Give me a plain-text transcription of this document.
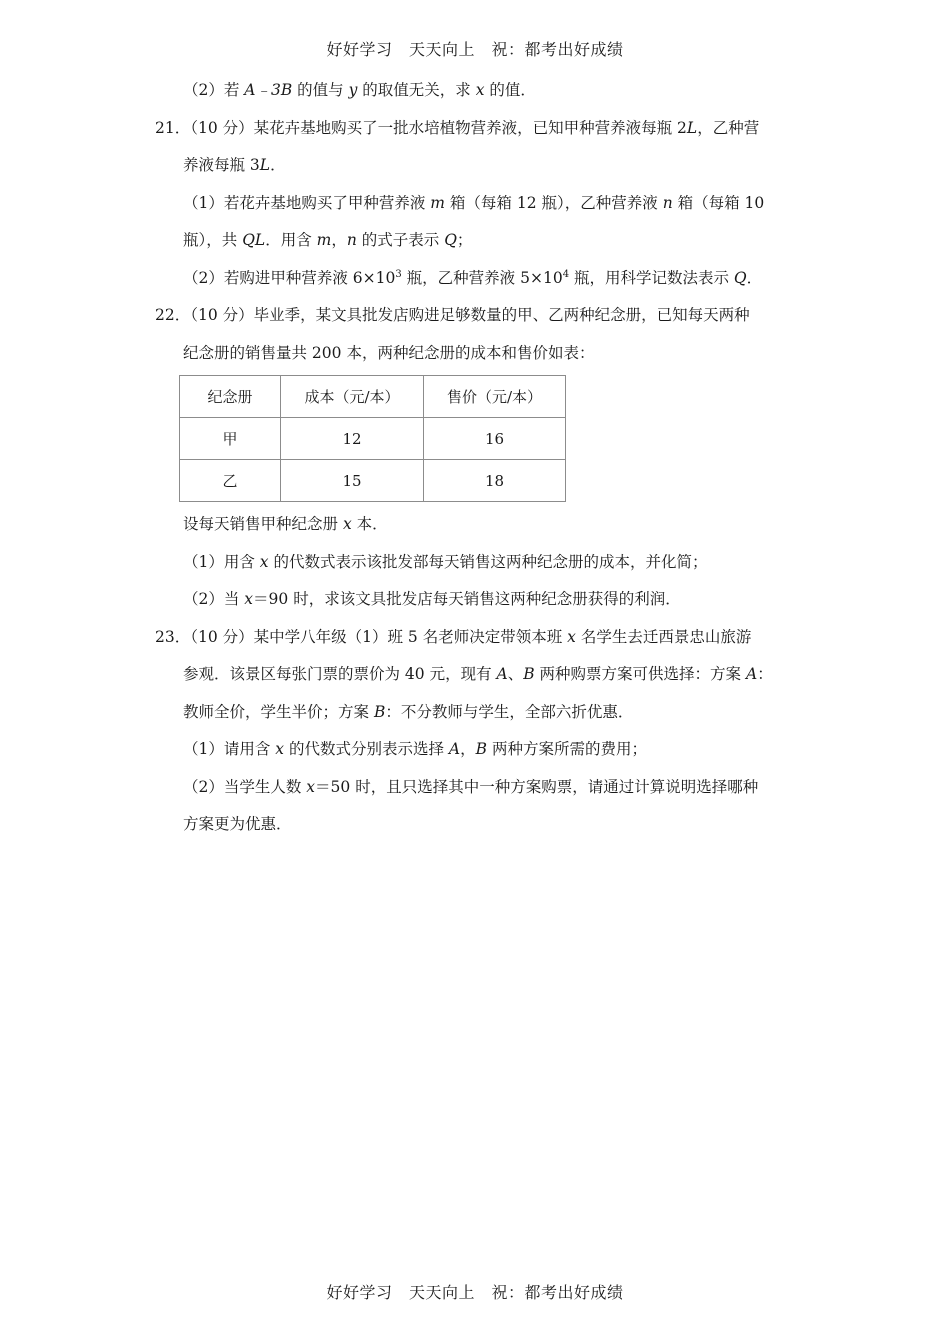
好好学习　天天向上　祝：都考出好成绩
（2）若 A﹣3B 的值与 y 的取值无关，求 x 的值．
21．（10 分）某花卉基地购买了一批水培植物营养液，已知甲种营养液每瓶 2L，乙种营
养液每瓶 3L．
（1）若花卉基地购买了甲种营养液 m 箱（每箱 12 瓶），乙种营养液 n 箱（每箱 10
瓶），共 QL．用含 m，n 的式子表示 Q；
（2）若购进甲种营养液 $6\times 10^3$ 瓶，乙种营养液 $5\times 10^4$ 瓶，用科学记数法表示 Q．
22．（10 分）毕业季，某文具批发店购进足够数量的甲、乙两种纪念册，已知每天两种
纪念册的销售量共 200 本，两种纪念册的成本和售价如表：
纪念册	成本（元/本）	售价（元/本）
甲	12	16
乙	15	18
设每天销售甲种纪念册 x 本．
（1）用含 x 的代数式表示该批发部每天销售这两种纪念册的成本，并化简；
（2）当 x＝90 时，求该文具批发店每天销售这两种纪念册获得的利润．
23．（10 分）某中学八年级（1）班 5 名老师决定带领本班 x 名学生去迁西景忠山旅游
参观．该景区每张门票的票价为 40 元，现有 A、B 两种购票方案可供选择：方案 A：
教师全价，学生半价；方案 B：不分教师与学生，全部六折优惠．
（1）请用含 x 的代数式分别表示选择 A，B 两种方案所需的费用；
（2）当学生人数 x＝50 时，且只选择其中一种方案购票，请通过计算说明选择哪种
方案更为优惠．
好好学习　天天向上　祝：都考出好成绩
